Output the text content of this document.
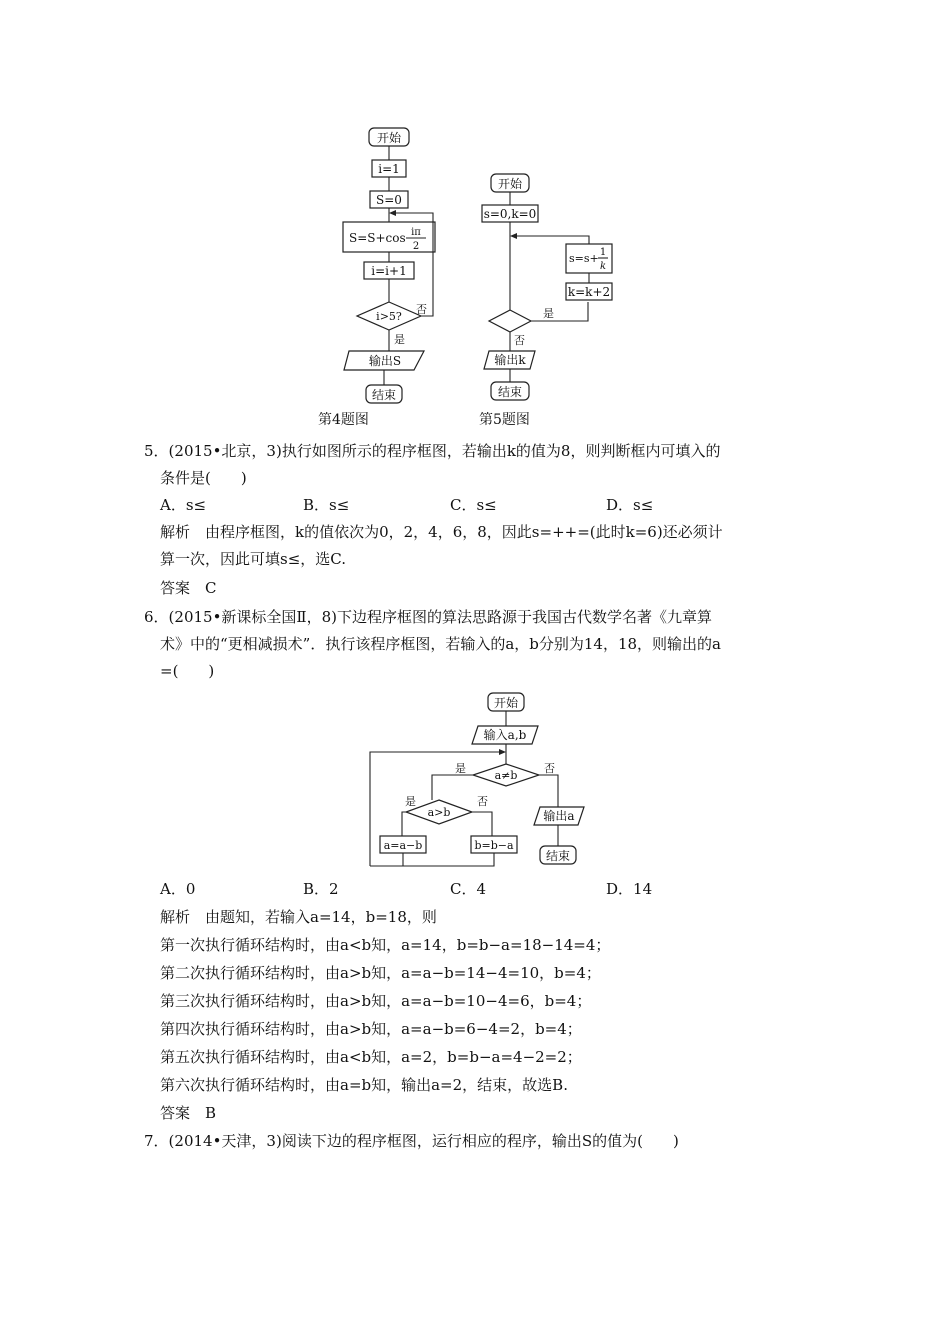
开始
i=1
S=0
S=S+cos iπ
2
i=i+1
i>5?
否
是
输出S
结束
开始
s=0,k=0
是
k=k+2
s=s+ 1
k
否
输出k
结束
第4题图	第5题图
5．(2015•北京，3)执行如图所示的程序框图，若输出k的值为8，则判断框内可填入的
条件是(　　)
A．s≤	B．s≤	C．s≤	D．s≤
解析　由程序框图，k的值依次为0，2，4，6，8，因此s=++=(此时k=6)还必须计
算一次，因此可填s≤，选C.
答案　C
6．(2015•新课标全国Ⅱ，8)下边程序框图的算法思路源于我国古代数学名著《九章算
术》中的“更相减损术”．执行该程序框图，若输入的a，b分别为14，18，则输出的a
=(　　)
开始
输入a,b
a≠b
是	否
a>b
是	否
a=a−b	b=b−a
输出a
结束
A．0	B．2	C．4	D．14
解析　由题知，若输入a=14，b=18，则
第一次执行循环结构时，由a<b知，a=14，b=b−a=18−14=4；
第二次执行循环结构时，由a>b知，a=a−b=14−4=10，b=4；
第三次执行循环结构时，由a>b知，a=a−b=10−4=6，b=4；
第四次执行循环结构时，由a>b知，a=a−b=6−4=2，b=4；
第五次执行循环结构时，由a<b知，a=2，b=b−a=4−2=2；
第六次执行循环结构时，由a=b知，输出a=2，结束，故选B.
答案　B
7．(2014•天津，3)阅读下边的程序框图，运行相应的程序，输出S的值为(　　)
